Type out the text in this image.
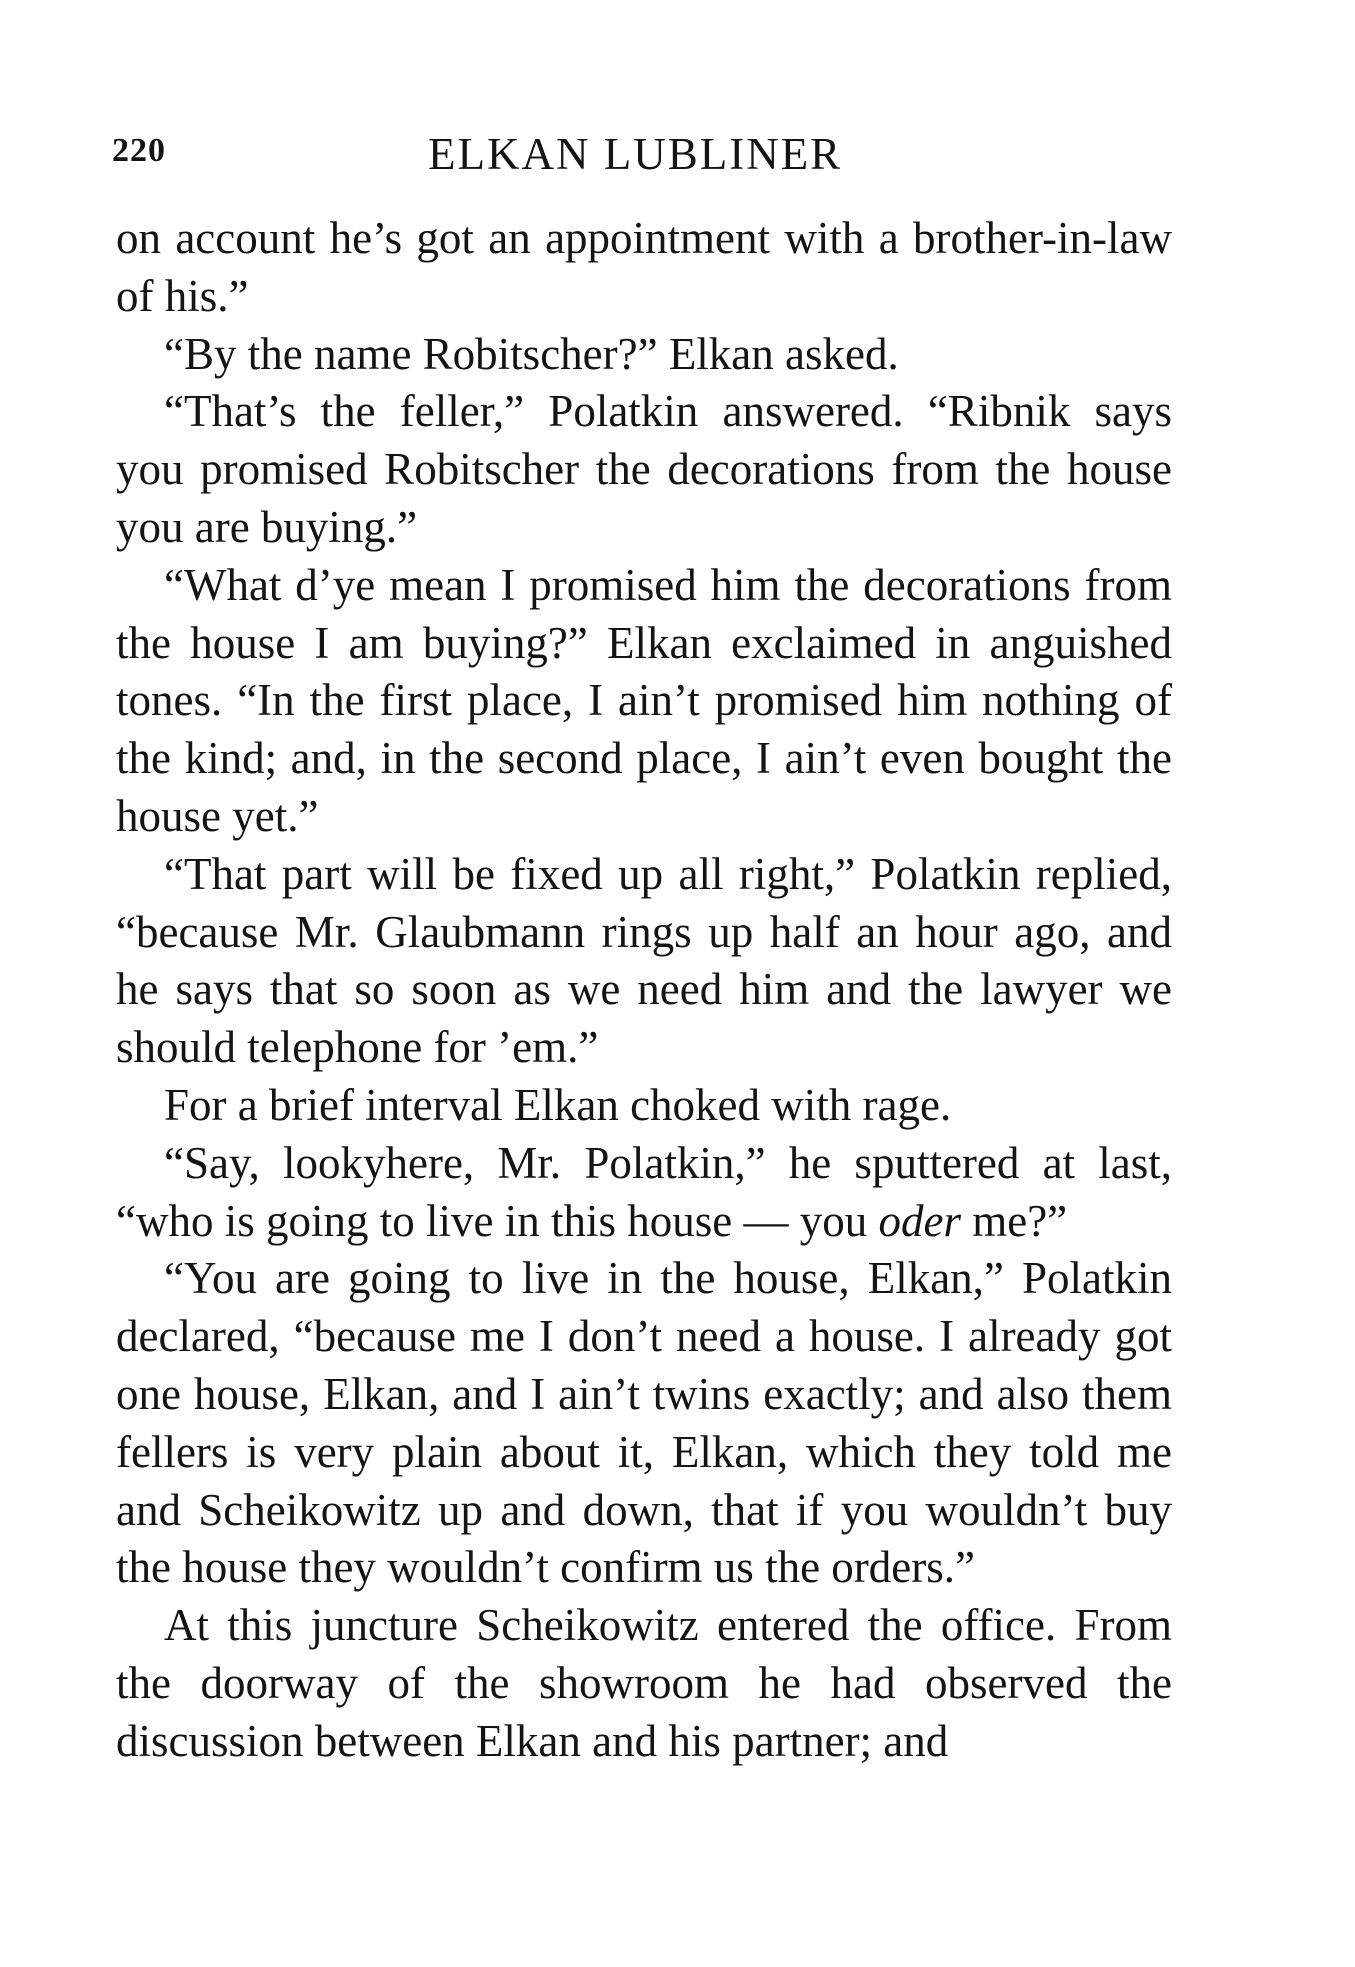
220	ELKAN LUBLINER

on account he’s got an appointment with a brother-in-law of his.”

“By the name Robitscher?” Elkan asked.

“That’s the feller,” Polatkin answered. “Ribnik says you promised Robitscher the decorations from the house you are buying.”

“What d’ye mean I promised him the decorations from the house I am buying?” Elkan exclaimed in anguished tones. “In the first place, I ain’t promised him nothing of the kind; and, in the second place, I ain’t even bought the house yet.”

“That part will be fixed up all right,” Polatkin replied, “because Mr. Glaubmann rings up half an hour ago, and he says that so soon as we need him and the lawyer we should telephone for ’em.”

For a brief interval Elkan choked with rage.

“Say, lookyhere, Mr. Polatkin,” he sputtered at last, “who is going to live in this house — you oder me?”

“You are going to live in the house, Elkan,” Polatkin declared, “because me I don’t need a house. I already got one house, Elkan, and I ain’t twins exactly; and also them fellers is very plain about it, Elkan, which they told me and Scheikowitz up and down, that if you wouldn’t buy the house they wouldn’t confirm us the orders.”

At this juncture Scheikowitz entered the office. From the doorway of the showroom he had observed the discussion between Elkan and his partner; and
